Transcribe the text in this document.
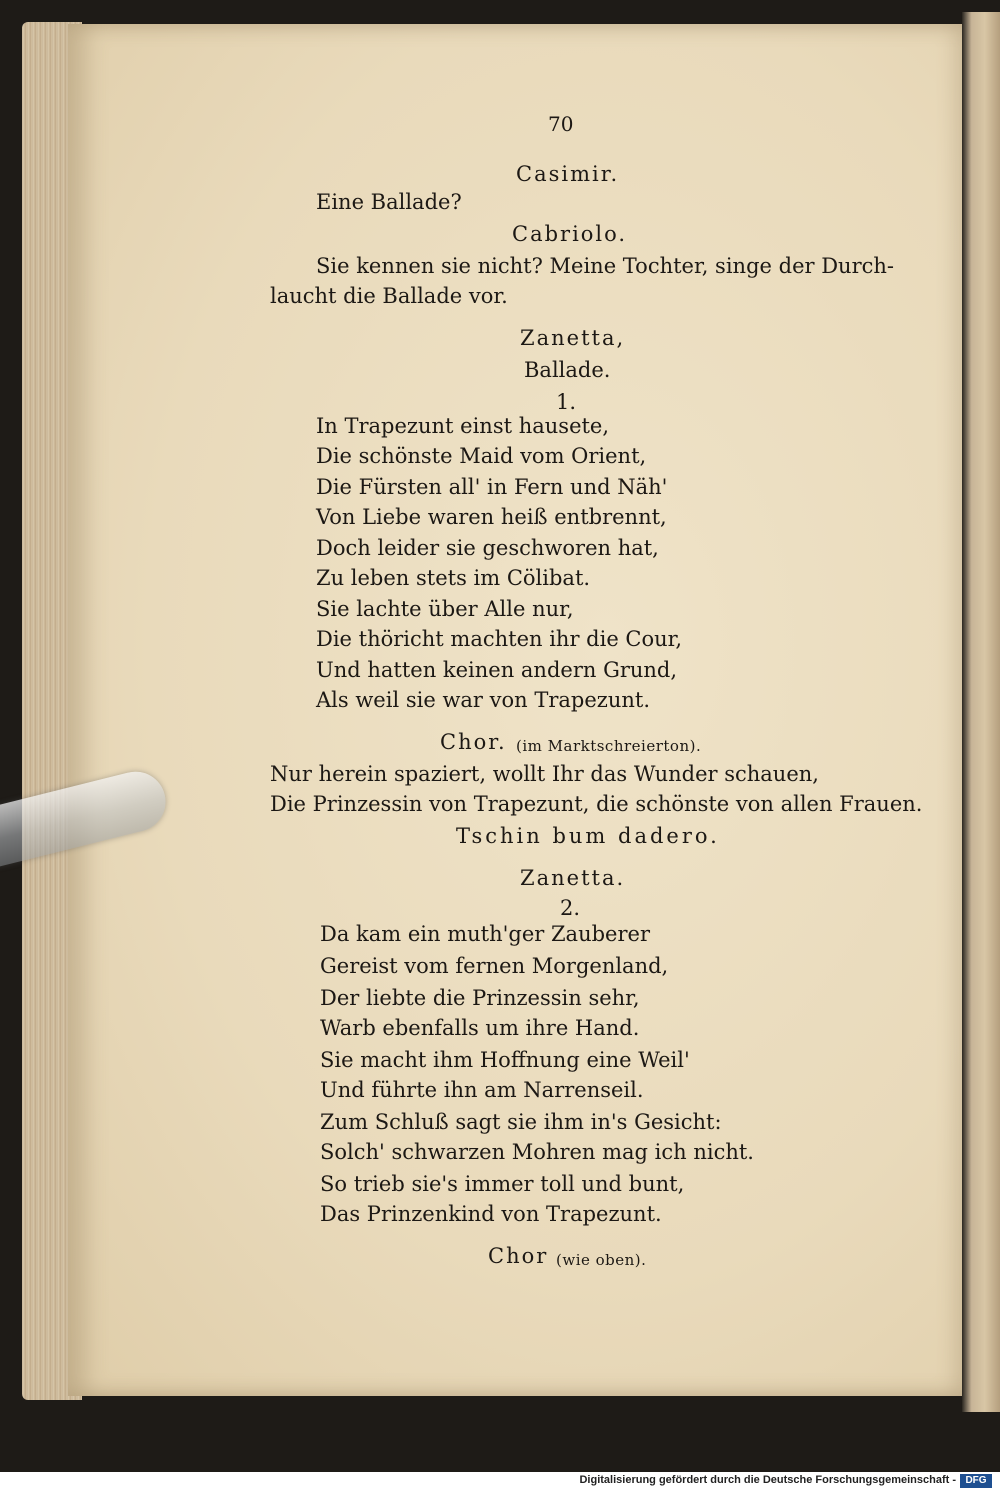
70
Casimir.
Eine Ballade?
Cabriolo.
Sie kennen sie nicht? Meine Tochter, singe der Durch-
laucht die Ballade vor.
Zanetta,
Ballade.
1.
In Trapezunt einst hausete,
Die schönste Maid vom Orient,
Die Fürsten all' in Fern und Näh'
Von Liebe waren heiß entbrennt,
Doch leider sie geschworen hat,
Zu leben stets im Cölibat.
Sie lachte über Alle nur,
Die thöricht machten ihr die Cour,
Und hatten keinen andern Grund,
Als weil sie war von Trapezunt.
Chor. (im Marktschreierton).
Nur herein spaziert, wollt Ihr das Wunder schauen,
Die Prinzessin von Trapezunt, die schönste von allen Frauen.
Tschin bum dadero.
Zanetta.
2.
Da kam ein muth'ger Zauberer
Gereist vom fernen Morgenland,
Der liebte die Prinzessin sehr,
Warb ebenfalls um ihre Hand.
Sie macht ihm Hoffnung eine Weil'
Und führte ihn am Narrenseil.
Zum Schluß sagt sie ihm in's Gesicht:
Solch' schwarzen Mohren mag ich nicht.
So trieb sie's immer toll und bunt,
Das Prinzenkind von Trapezunt.
Chor (wie oben).
Digitalisierung gefördert durch die Deutsche Forschungsgemeinschaft - DFG
